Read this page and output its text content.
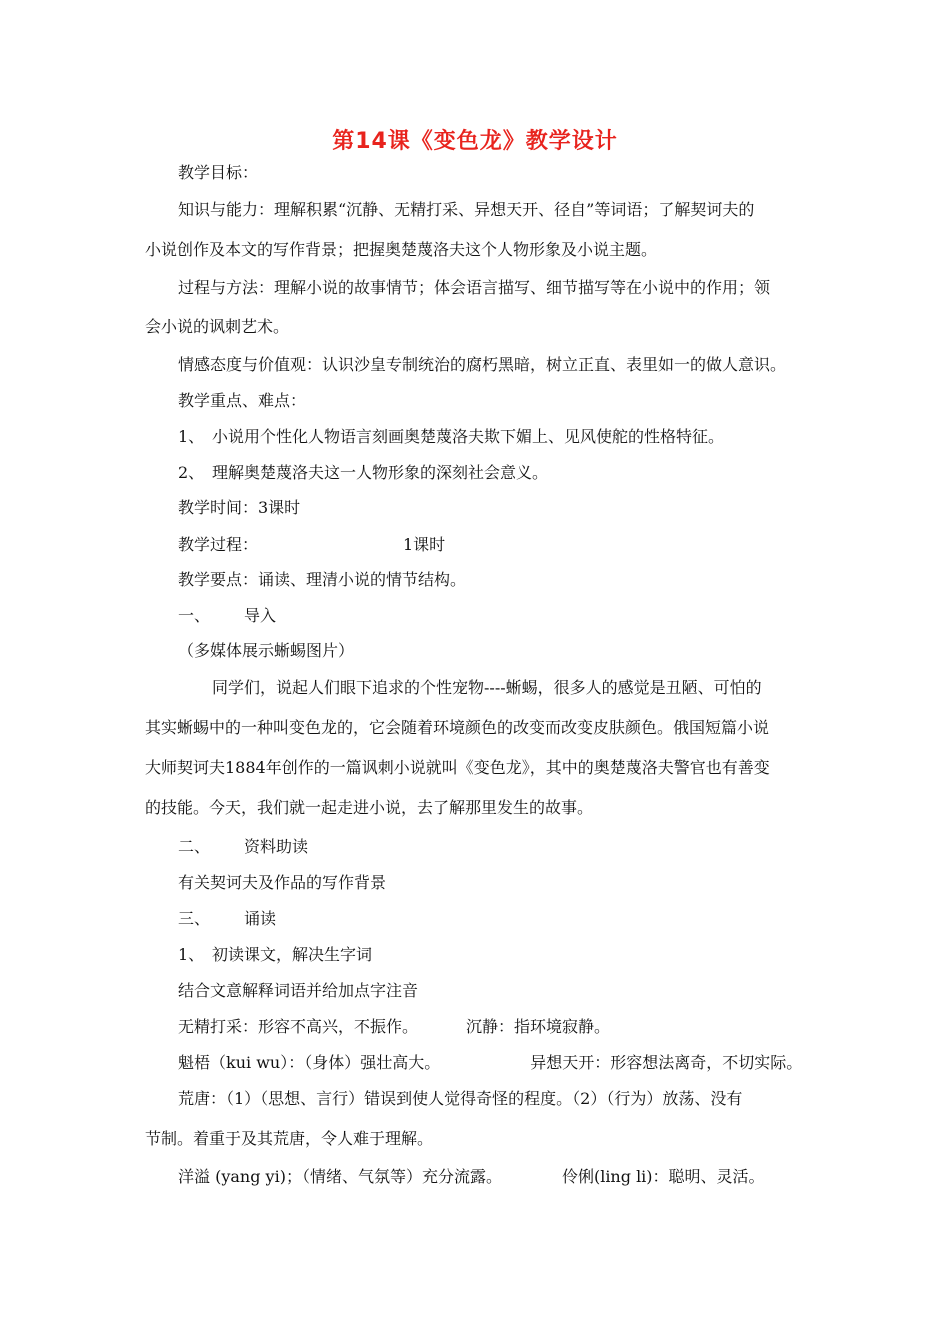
第14课《变色龙》教学设计
教学目标：
知识与能力：理解积累“沉静、无精打采、异想天开、径自”等词语；了解契诃夫的
小说创作及本文的写作背景；把握奥楚蔑洛夫这个人物形象及小说主题。
过程与方法：理解小说的故事情节；体会语言描写、细节描写等在小说中的作用；领
会小说的讽刺艺术。
情感态度与价值观：认识沙皇专制统治的腐朽黑暗，树立正直、表里如一的做人意识。
教学重点、难点：
1、 小说用个性化人物语言刻画奥楚蔑洛夫欺下媚上、见风使舵的性格特征。
2、 理解奥楚蔑洛夫这一人物形象的深刻社会意义。
教学时间：3课时
教学过程：	1课时
教学要点：诵读、理清小说的情节结构。
一、 导入
（多媒体展示蜥蜴图片）
同学们，说起人们眼下追求的个性宠物----蜥蜴，很多人的感觉是丑陋、可怕的
其实蜥蜴中的一种叫变色龙的，它会随着环境颜色的改变而改变皮肤颜色。俄国短篇小说
大师契诃夫1884年创作的一篇讽刺小说就叫《变色龙》，其中的奥楚蔑洛夫警官也有善变
的技能。今天，我们就一起走进小说，去了解那里发生的故事。
二、 资料助读
有关契诃夫及作品的写作背景
三、 诵读
1、 初读课文，解决生字词
结合文意解释词语并给加点字注音
无精打采：形容不高兴，不振作。	沉静：指环境寂静。
魁梧（kui wu）：（身体）强壮高大。	异想天开：形容想法离奇，不切实际。
荒唐：（1）（思想、言行）错误到使人觉得奇怪的程度。（2）（行为）放荡、没有
节制。着重于及其荒唐，令人难于理解。
洋溢 (yang yi)；（情绪、气氛等）充分流露。	伶俐(ling li)：聪明、灵活。
